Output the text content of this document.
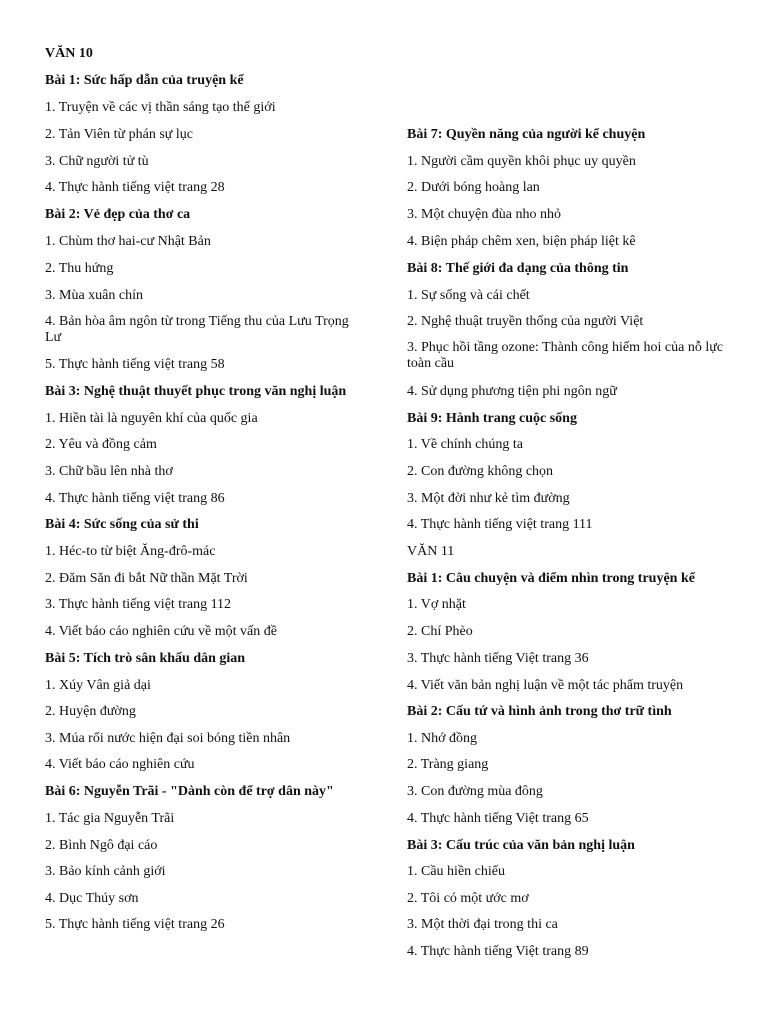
VĂN 10
Bài 1: Sức hấp dẫn của truyện kể
1. Truyện về các vị thần sáng tạo thế giới
2. Tản Viên từ phán sự lục
3. Chữ người tử tù
4. Thực hành tiếng việt trang 28
Bài 2: Vẻ đẹp của thơ ca
1. Chùm thơ hai-cư Nhật Bản
2. Thu hứng
3. Mùa xuân chín
4. Bản hòa âm ngôn từ trong Tiếng thu của Lưu Trọng Lư
5. Thực hành tiếng việt trang 58
Bài 3: Nghệ thuật thuyết phục trong văn nghị luận
1. Hiền tài là nguyên khí của quốc gia
2. Yêu và đồng cảm
3. Chữ bầu lên nhà thơ
4. Thực hành tiếng việt trang 86
Bài 4: Sức sống của sử thi
1. Héc-to từ biệt Ăng-đrô-mác
2. Đăm Săn đi bắt Nữ thần Mặt Trời
3. Thực hành tiếng việt trang 112
4. Viết báo cáo nghiên cứu về một vấn đề
Bài 5: Tích trò sân khấu dân gian
1. Xúy Vân giả dại
2. Huyện đường
3. Múa rối nước hiện đại soi bóng tiền nhân
4. Viết báo cáo nghiên cứu
Bài 6: Nguyễn Trãi - "Dành còn để trợ dân này"
1. Tác gia Nguyễn Trãi
2. Bình Ngô đại cáo
3. Bảo kính cảnh giới
4. Dục Thúy sơn
5. Thực hành tiếng việt trang 26
Bài 7: Quyền năng của người kể chuyện
1. Người cầm quyền khôi phục uy quyền
2. Dưới bóng hoàng lan
3. Một chuyện đùa nho nhỏ
4. Biện pháp chêm xen, biện pháp liệt kê
Bài 8: Thế giới đa dạng của thông tin
1. Sự sống và cái chết
2. Nghệ thuật truyền thống của người Việt
3. Phục hồi tầng ozone: Thành công hiếm hoi của nỗ lực toàn cầu
4. Sử dụng phương tiện phi ngôn ngữ
Bài 9: Hành trang cuộc sống
1. Về chính chúng ta
2. Con đường không chọn
3. Một đời như kẻ tìm đường
4. Thực hành tiếng việt trang 111
VĂN 11
Bài 1: Câu chuyện và điểm nhìn trong truyện kể
1. Vợ nhặt
2. Chí Phèo
3. Thực hành tiếng Việt trang 36
4. Viết văn bản nghị luận về một tác phẩm truyện
Bài 2: Cấu tứ và hình ảnh trong thơ trữ tình
1. Nhớ đồng
2. Tràng giang
3. Con đường mùa đông
4. Thực hành tiếng Việt trang 65
Bài 3: Cấu trúc của văn bản nghị luận
1. Cầu hiền chiếu
2. Tôi có một ước mơ
3. Một thời đại trong thi ca
4. Thực hành tiếng Việt trang 89
